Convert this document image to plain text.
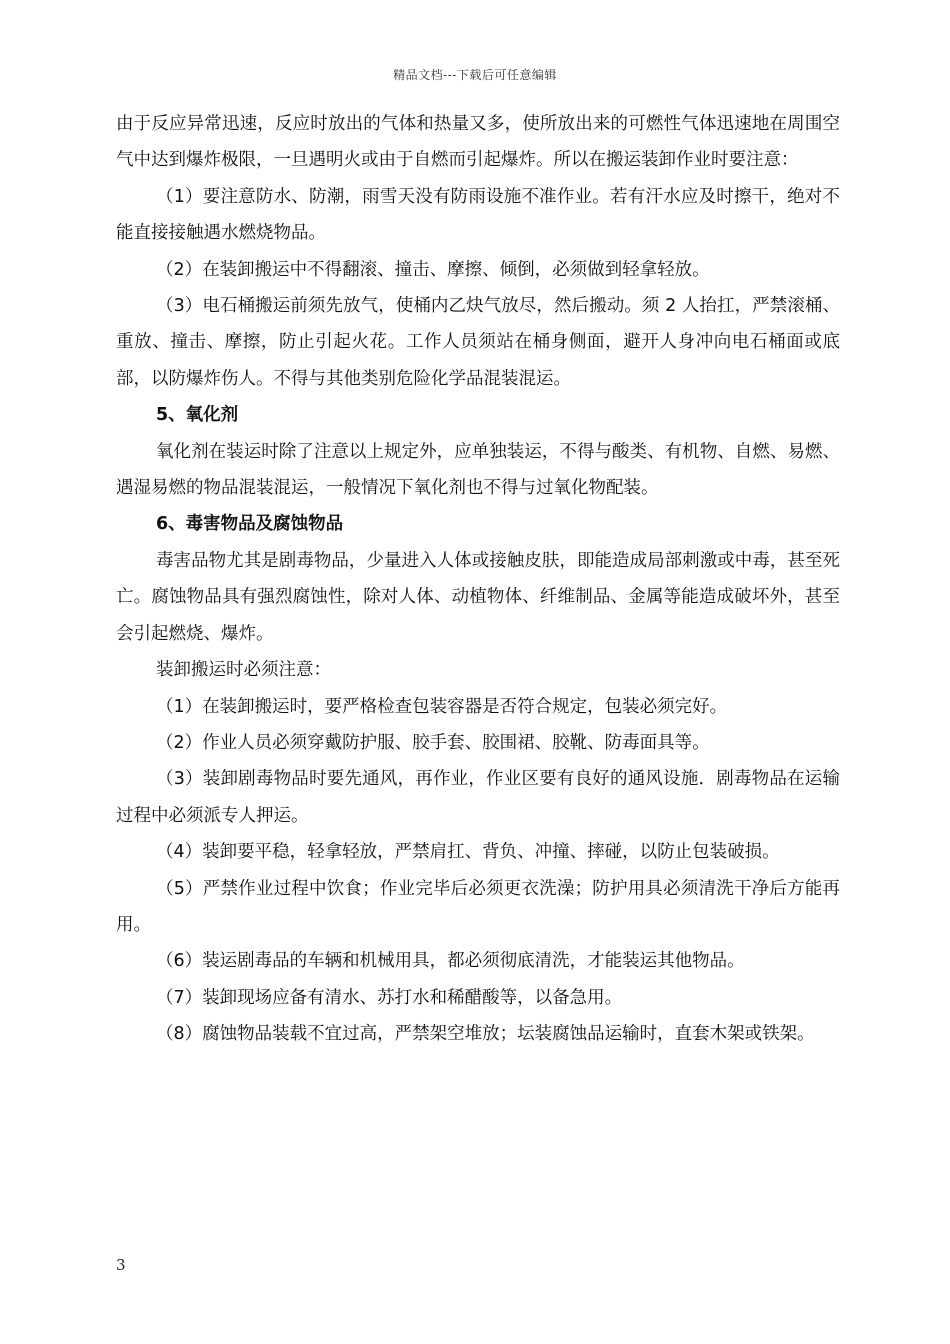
精品文档---下载后可任意编辑

由于反应异常迅速，反应时放出的气体和热量又多，使所放出来的可燃性气体迅速地在周围空气中达到爆炸极限，一旦遇明火或由于自燃而引起爆炸。所以在搬运装卸作业时要注意：

（1）要注意防水、防潮，雨雪天没有防雨设施不准作业。若有汗水应及时擦干，绝对不能直接接触遇水燃烧物品。

（2）在装卸搬运中不得翻滚、撞击、摩擦、倾倒，必须做到轻拿轻放。

（3）电石桶搬运前须先放气，使桶内乙炔气放尽，然后搬动。须 2 人抬扛，严禁滚桶、重放、撞击、摩擦，防止引起火花。工作人员须站在桶身侧面，避开人身冲向电石桶面或底部，以防爆炸伤人。不得与其他类别危险化学品混装混运。

5、氧化剂

氧化剂在装运时除了注意以上规定外，应单独装运，不得与酸类、有机物、自燃、易燃、遇湿易燃的物品混装混运，一般情况下氧化剂也不得与过氧化物配装。

6、毒害物品及腐蚀物品

毒害品物尤其是剧毒物品，少量进入人体或接触皮肤，即能造成局部刺激或中毒，甚至死亡。腐蚀物品具有强烈腐蚀性，除对人体、动植物体、纤维制品、金属等能造成破坏外，甚至会引起燃烧、爆炸。

装卸搬运时必须注意：

（1）在装卸搬运时，要严格检查包装容器是否符合规定，包装必须完好。

（2）作业人员必须穿戴防护服、胶手套、胶围裙、胶靴、防毒面具等。

（3）装卸剧毒物品时要先通风，再作业，作业区要有良好的通风设施．剧毒物品在运输过程中必须派专人押运。

（4）装卸要平稳，轻拿轻放，严禁肩扛、背负、冲撞、摔碰，以防止包装破损。

（5）严禁作业过程中饮食；作业完毕后必须更衣洗澡；防护用具必须清洗干净后方能再用。

（6）装运剧毒品的车辆和机械用具，都必须彻底清洗，才能装运其他物品。

（7）装卸现场应备有清水、苏打水和稀醋酸等，以备急用。

（8）腐蚀物品装载不宜过高，严禁架空堆放；坛装腐蚀品运输时，直套木架或铁架。

3
